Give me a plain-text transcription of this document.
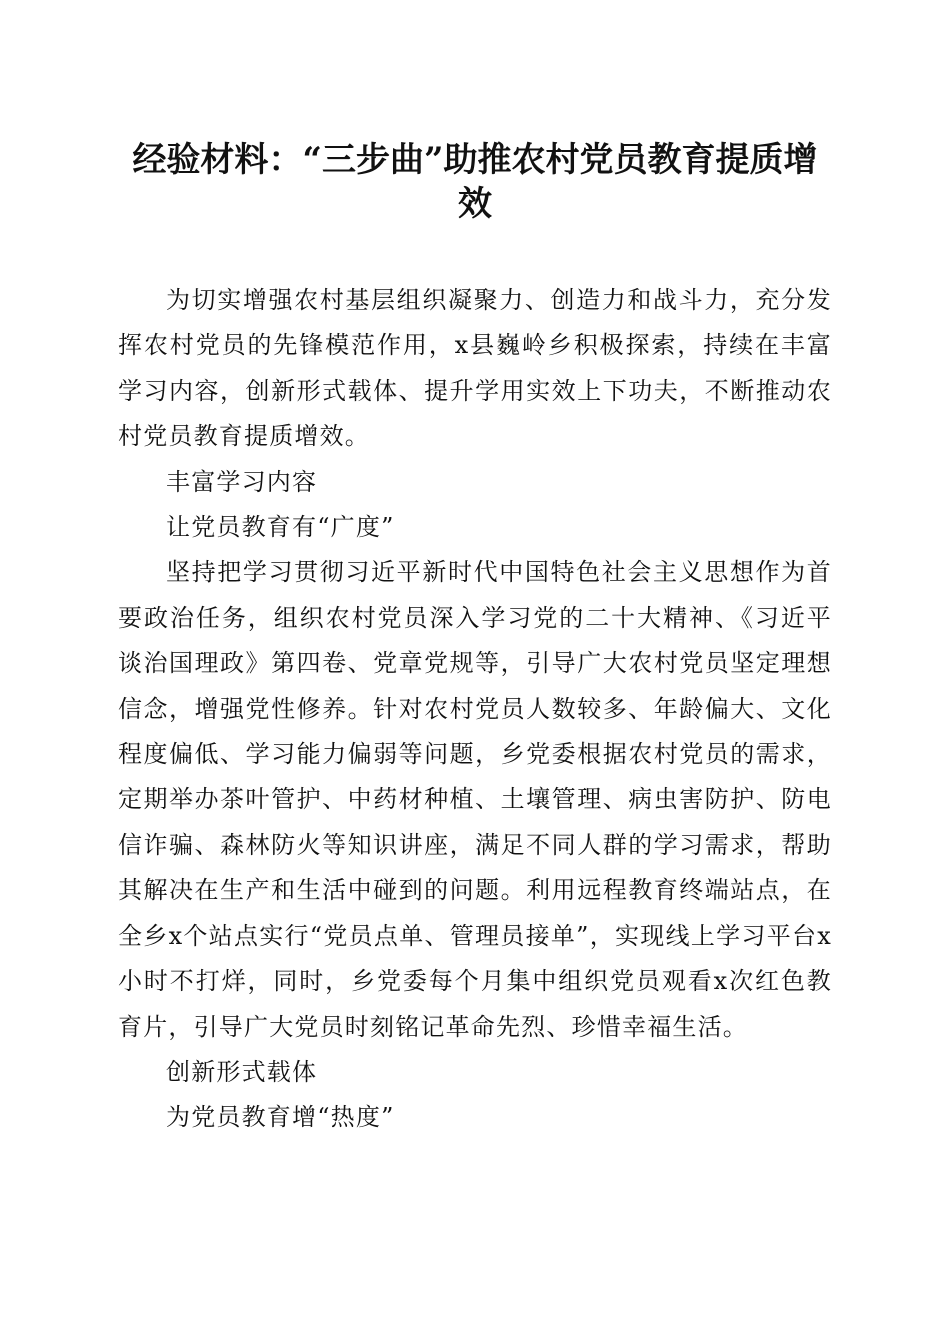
经验材料：“三步曲”助推农村党员教育提质增效

为切实增强农村基层组织凝聚力、创造力和战斗力，充分发挥农村党员的先锋模范作用，x县巍岭乡积极探索，持续在丰富学习内容，创新形式载体、提升学用实效上下功夫，不断推动农村党员教育提质增效。

丰富学习内容

让党员教育有“广度”

坚持把学习贯彻习近平新时代中国特色社会主义思想作为首要政治任务，组织农村党员深入学习党的二十大精神、《习近平谈治国理政》第四卷、党章党规等，引导广大农村党员坚定理想信念，增强党性修养。针对农村党员人数较多、年龄偏大、文化程度偏低、学习能力偏弱等问题，乡党委根据农村党员的需求，定期举办茶叶管护、中药材种植、土壤管理、病虫害防护、防电信诈骗、森林防火等知识讲座，满足不同人群的学习需求，帮助其解决在生产和生活中碰到的问题。利用远程教育终端站点，在全乡x个站点实行“党员点单、管理员接单”，实现线上学习平台x小时不打烊，同时，乡党委每个月集中组织党员观看x次红色教育片，引导广大党员时刻铭记革命先烈、珍惜幸福生活。

创新形式载体

为党员教育增“热度”
